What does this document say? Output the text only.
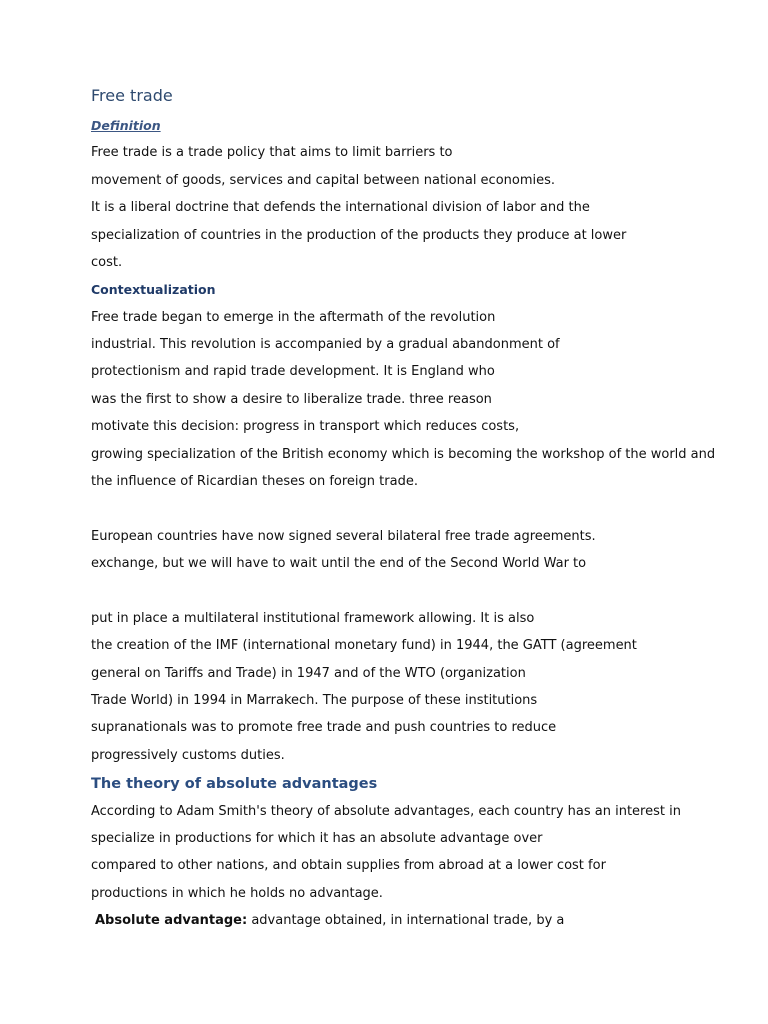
Free trade
Definition
Free trade is a trade policy that aims to limit barriers to
movement of goods, services and capital between national economies.
It is a liberal doctrine that defends the international division of labor and the
specialization of countries in the production of the products they produce at lower
cost.
Contextualization
Free trade began to emerge in the aftermath of the revolution
industrial. This revolution is accompanied by a gradual abandonment of
protectionism and rapid trade development. It is England who
was the first to show a desire to liberalize trade. three reason
motivate this decision: progress in transport which reduces costs,
growing specialization of the British economy which is becoming the workshop of the world and
the influence of Ricardian theses on foreign trade.
European countries have now signed several bilateral free trade agreements.
exchange, but we will have to wait until the end of the Second World War to
put in place a multilateral institutional framework allowing. It is also
the creation of the IMF (international monetary fund) in 1944, the GATT (agreement
general on Tariffs and Trade) in 1947 and of the WTO (organization
Trade World) in 1994 in Marrakech. The purpose of these institutions
supranationals was to promote free trade and push countries to reduce
progressively customs duties.
The theory of absolute advantages
According to Adam Smith's theory of absolute advantages, each country has an interest in
specialize in productions for which it has an absolute advantage over
compared to other nations, and obtain supplies from abroad at a lower cost for
productions in which he holds no advantage.
Absolute advantage: advantage obtained, in international trade, by a
